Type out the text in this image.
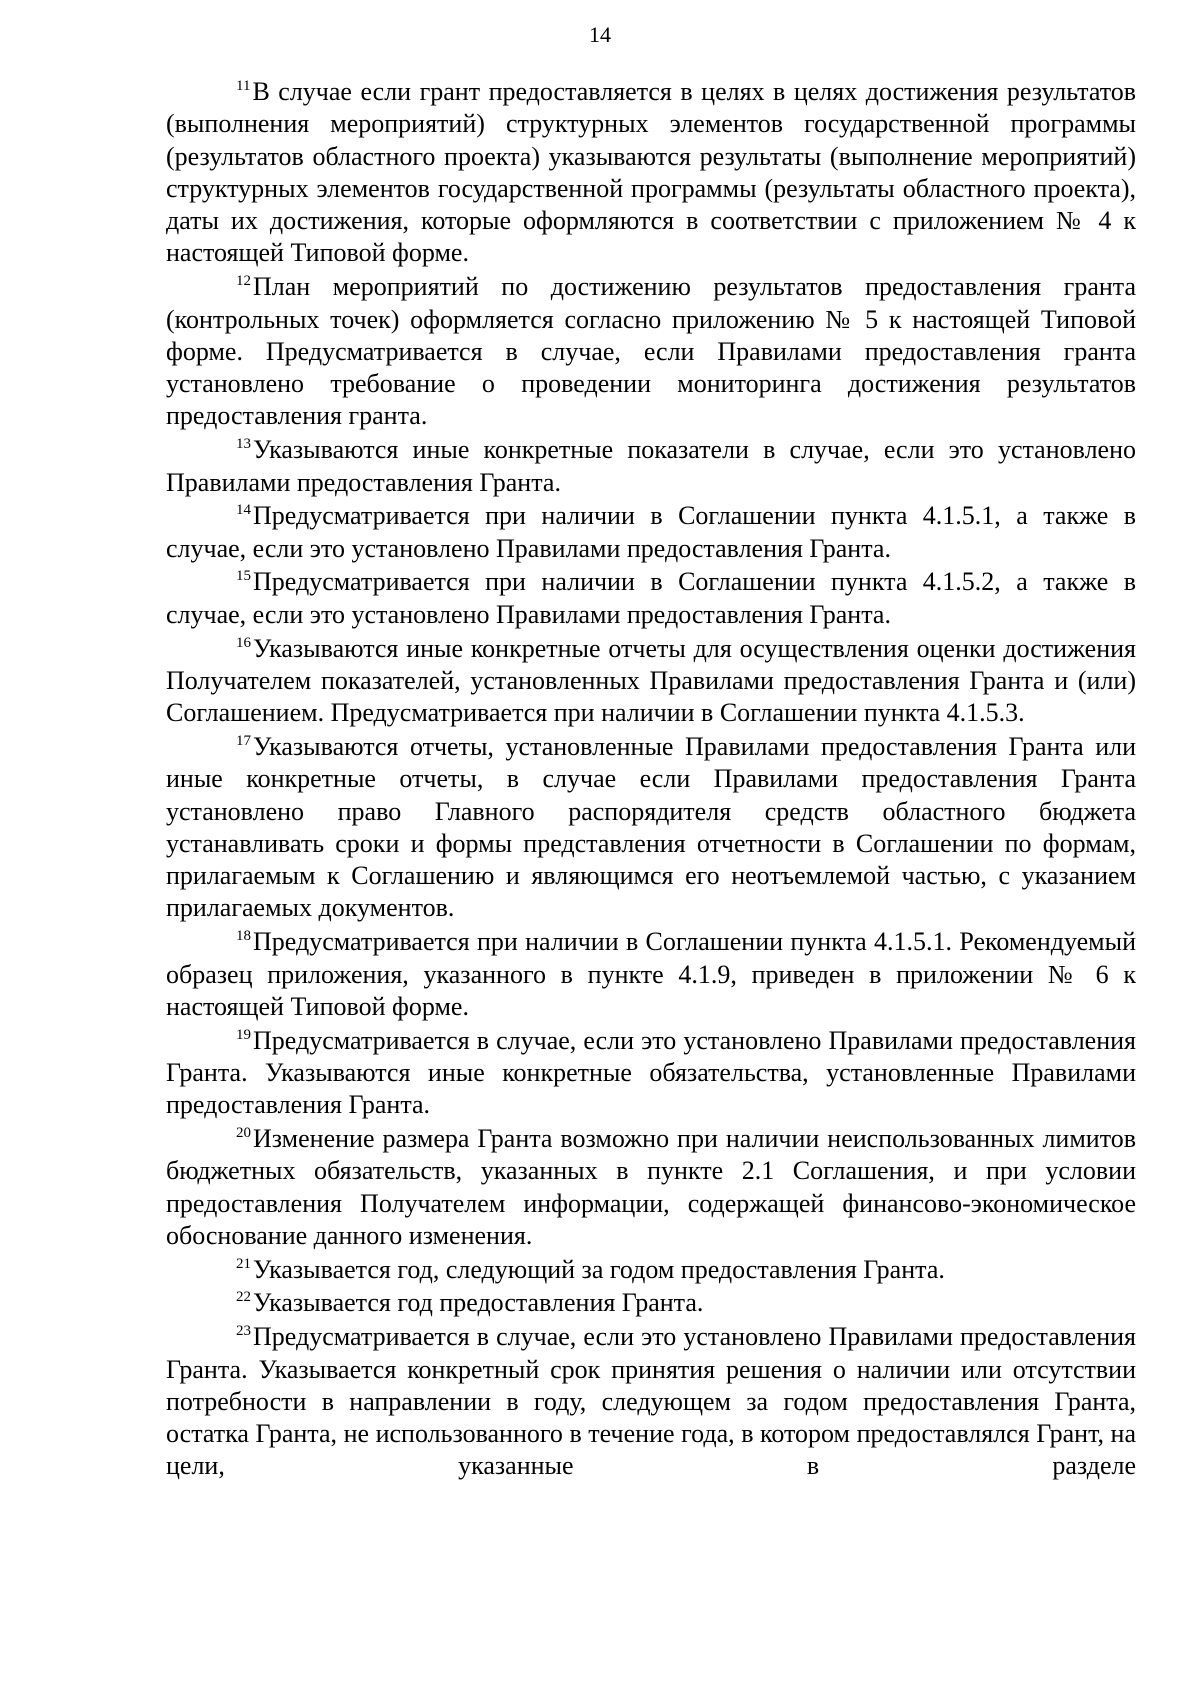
14

$^{11}$В случае если грант предоставляется в целях в целях достижения результатов (выполнения мероприятий) структурных элементов государственной программы (результатов областного проекта) указываются результаты (выполнение мероприятий) структурных элементов государственной программы (результаты областного проекта), даты их достижения, которые оформляются в соответствии с приложением № 4 к настоящей Типовой форме.

$^{12}$План мероприятий по достижению результатов предоставления гранта (контрольных точек) оформляется согласно приложению № 5 к настоящей Типовой форме. Предусматривается в случае, если Правилами предоставления гранта установлено требование о проведении мониторинга достижения результатов предоставления гранта.

$^{13}$Указываются иные конкретные показатели в случае, если это установлено Правилами предоставления Гранта.

$^{14}$Предусматривается при наличии в Соглашении пункта 4.1.5.1, а также в случае, если это установлено Правилами предоставления Гранта.

$^{15}$Предусматривается при наличии в Соглашении пункта 4.1.5.2, а также в случае, если это установлено Правилами предоставления Гранта.

$^{16}$Указываются иные конкретные отчеты для осуществления оценки достижения Получателем показателей, установленных Правилами предоставления Гранта и (или) Соглашением. Предусматривается при наличии в Соглашении пункта 4.1.5.3.

$^{17}$Указываются отчеты, установленные Правилами предоставления Гранта или иные конкретные отчеты, в случае если Правилами предоставления Гранта установлено право Главного распорядителя средств областного бюджета устанавливать сроки и формы представления отчетности в Соглашении по формам, прилагаемым к Соглашению и являющимся его неотъемлемой частью, с указанием прилагаемых документов.

$^{18}$Предусматривается при наличии в Соглашении пункта 4.1.5.1. Рекомендуемый образец приложения, указанного в пункте 4.1.9, приведен в приложении № 6 к настоящей Типовой форме.

$^{19}$Предусматривается в случае, если это установлено Правилами предоставления Гранта. Указываются иные конкретные обязательства, установленные Правилами предоставления Гранта.

$^{20}$Изменение размера Гранта возможно при наличии неиспользованных лимитов бюджетных обязательств, указанных в пункте 2.1 Соглашения, и при условии предоставления Получателем информации, содержащей финансово-экономическое обоснование данного изменения.

$^{21}$Указывается год, следующий за годом предоставления Гранта.

$^{22}$Указывается год предоставления Гранта.

$^{23}$Предусматривается в случае, если это установлено Правилами предоставления Гранта. Указывается конкретный срок принятия решения о наличии или отсутствии потребности в направлении в году, следующем за годом предоставления Гранта, остатка Гранта, не использованного в течение года, в котором предоставлялся Грант, на цели, указанные в разделе
